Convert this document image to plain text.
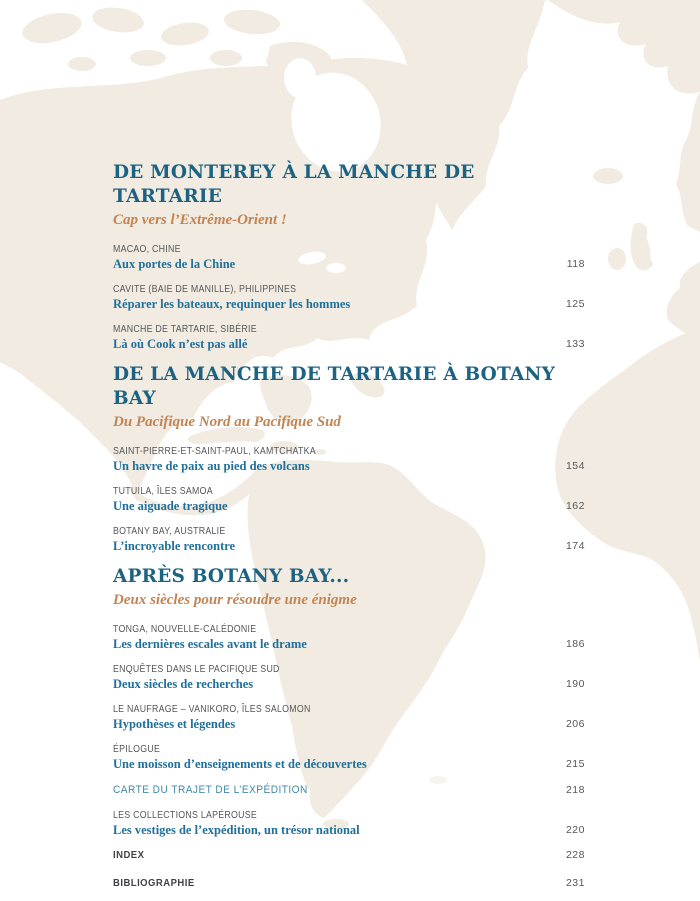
DE MONTEREY À LA MANCHE DE TARTARIE
Cap vers l’Extrême-Orient !
MACAO, CHINE
Aux portes de la Chine	118
CAVITE (BAIE DE MANILLE), PHILIPPINES
Réparer les bateaux, requinquer les hommes	125
MANCHE DE TARTARIE, SIBÉRIE
Là où Cook n’est pas allé	133
DE LA MANCHE DE TARTARIE À BOTANY BAY
Du Pacifique Nord au Pacifique Sud
SAINT-PIERRE-ET-SAINT-PAUL, KAMTCHATKA
Un havre de paix au pied des volcans	154
TUTUILA, ÎLES SAMOA
Une aiguade tragique	162
BOTANY BAY, AUSTRALIE
L’incroyable rencontre	174
APRÈS BOTANY BAY...
Deux siècles pour résoudre une énigme
TONGA, NOUVELLE-CALÉDONIE
Les dernières escales avant le drame	186
ENQUÊTES DANS LE PACIFIQUE SUD
Deux siècles de recherches	190
LE NAUFRAGE – VANIKORO, ÎLES SALOMON
Hypothèses et légendes	206
ÉPILOGUE
Une moisson d’enseignements et de découvertes	215
CARTE DU TRAJET DE L’EXPÉDITION	218
LES COLLECTIONS LAPÉROUSE
Les vestiges de l’expédition, un trésor national	220
INDEX	228
BIBLIOGRAPHIE	231
